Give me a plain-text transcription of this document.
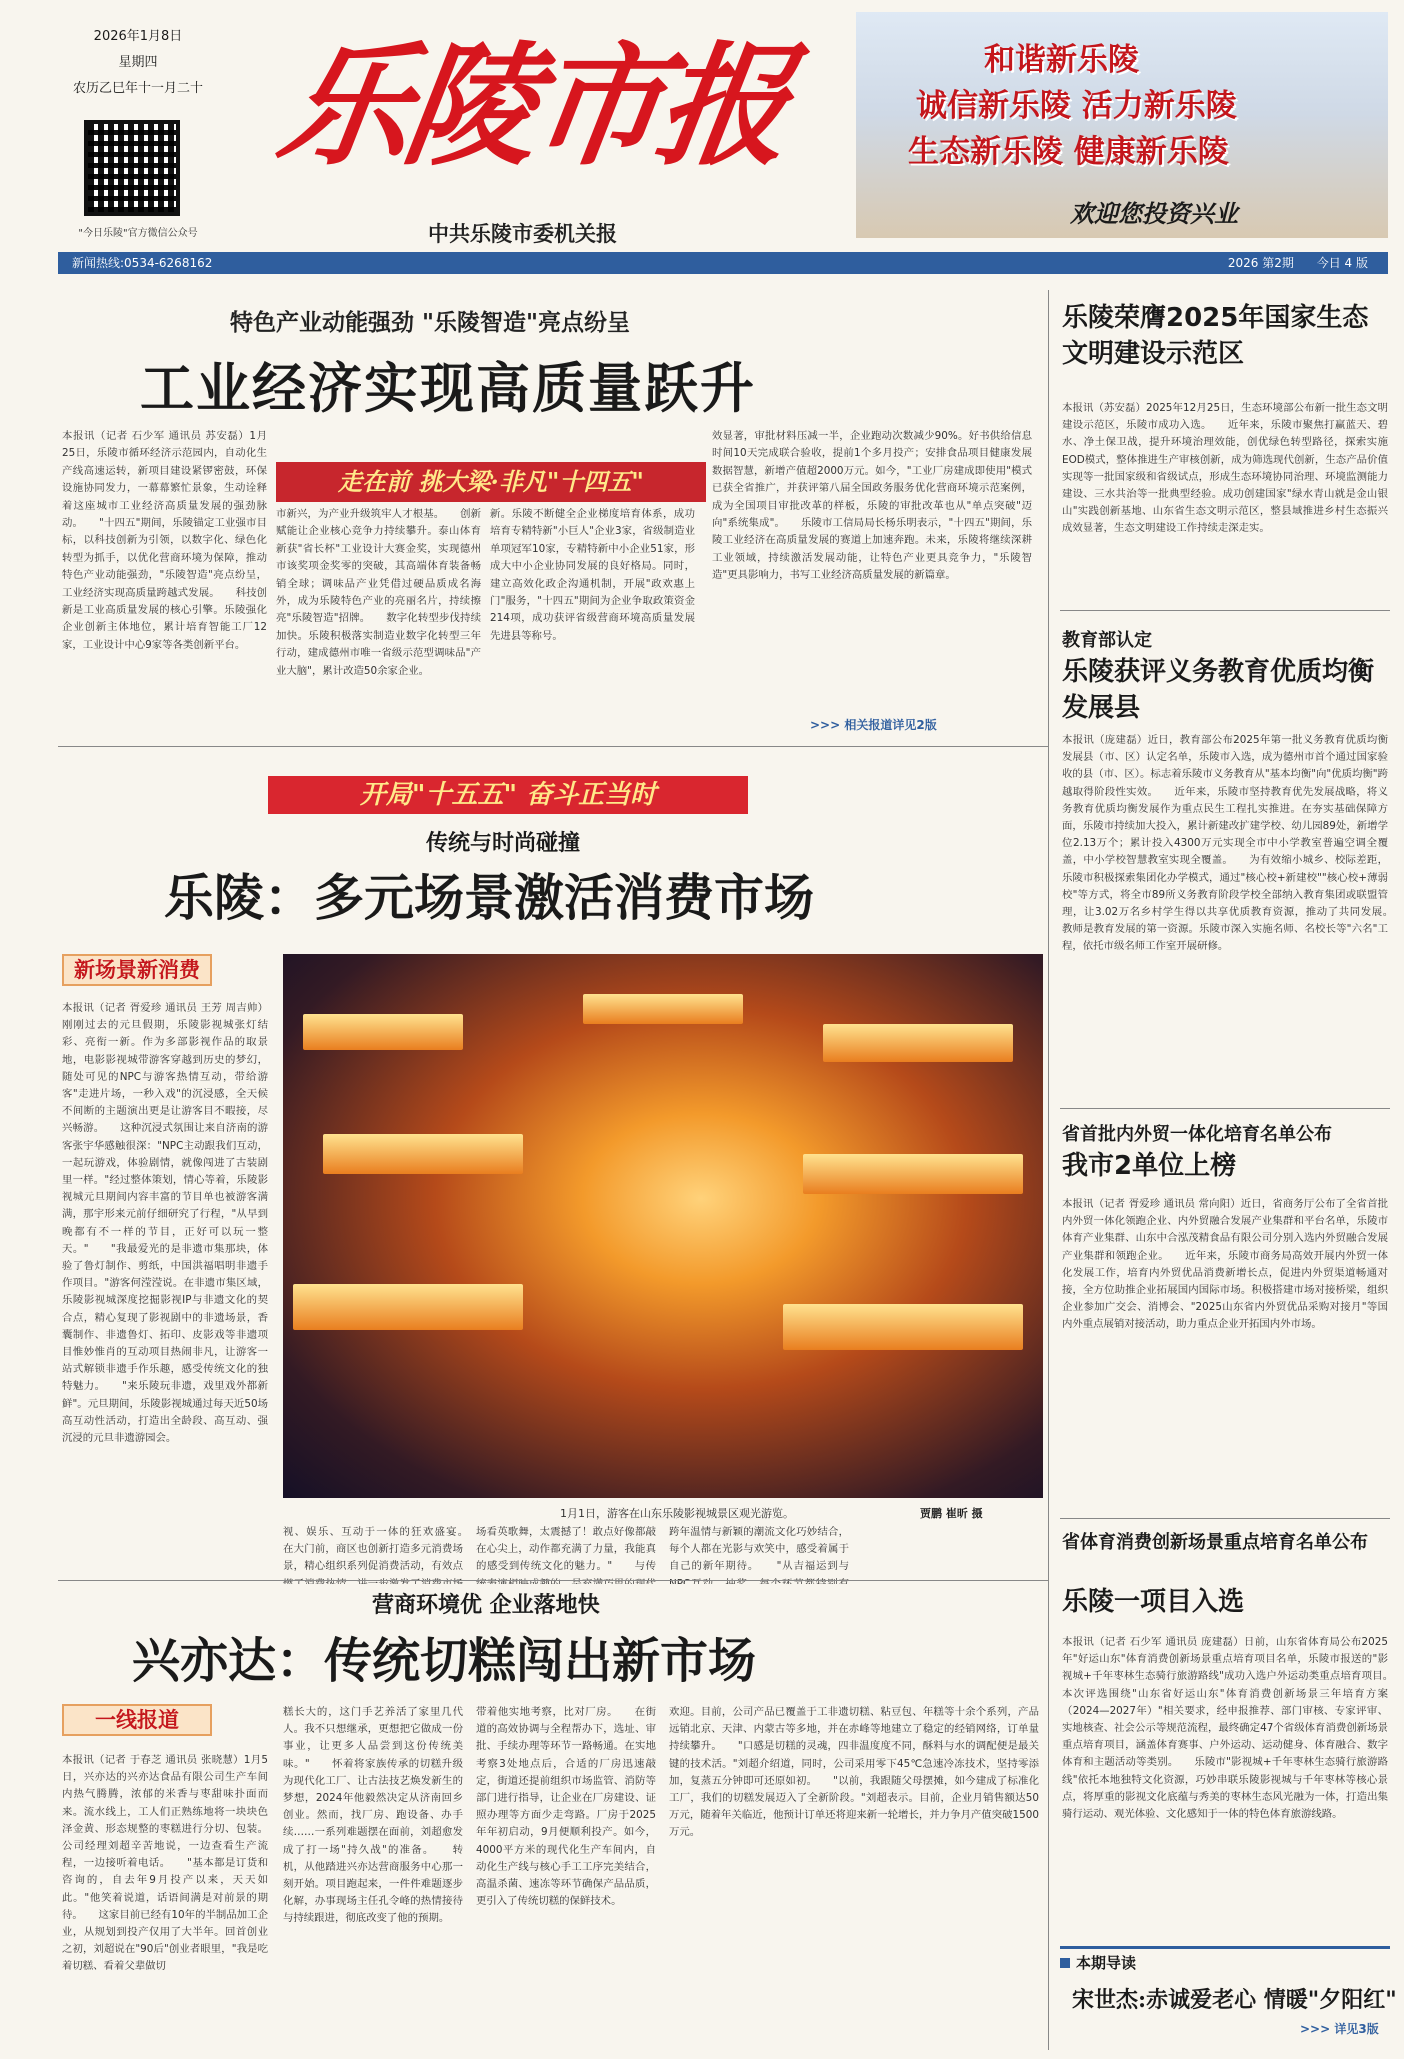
2026年1月8日
星期四
农历乙巳年十一月二十
"今日乐陵"官方微信公众号
乐陵市报
中共乐陵市委机关报
和谐新乐陵
诚信新乐陵 活力新乐陵
生态新乐陵 健康新乐陵
欢迎您投资兴业
新闻热线:0534-6268162	2026 第2期 今日 4 版
特色产业动能强劲 "乐陵智造"亮点纷呈
工业经济实现高质量跃升
本报讯（记者 石少军 通讯员 苏安磊）1月25日，乐陵市循环经济示范园内，自动化生产线高速运转，新项目建设紧锣密鼓，环保设施协同发力，一幕幕繁忙景象，生动诠释着这座城市工业经济高质量发展的强劲脉动。　　"十四五"期间，乐陵锚定工业强市目标，以科技创新为引领，以数字化、绿色化转型为抓手，以优化营商环境为保障，推动特色产业动能强劲，"乐陵智造"亮点纷呈，工业经济实现高质量跨越式发展。　　科技创新是工业高质量发展的核心引擎。乐陵强化企业创新主体地位，累计培育智能工厂12家，工业设计中心9家等各类创新平台。
市新兴，为产业升级筑牢人才根基。　　创新赋能让企业核心竞争力持续攀升。泰山体育新获"省长杯"工业设计大赛金奖，实现德州市该奖项金奖零的突破，其高端体育装备畅销全球；调味品产业凭借过硬品质成名海外，成为乐陵特色产业的亮丽名片，持续擦亮"乐陵智造"招牌。　　数字化转型步伐持续加快。乐陵积极落实制造业数字化转型三年行动，建成德州市唯一省级示范型调味品"产业大脑"，累计改造50余家企业。
新。乐陵不断健全企业梯度培育体系，成功培育专精特新"小巨人"企业3家，省级制造业单项冠军10家，专精特新中小企业51家，形成大中小企业协同发展的良好格局。同时，建立高效化政企沟通机制，开展"政欢惠上门"服务，"十四五"期间为企业争取政策资金214项，成功获评省级营商环境高质量发展先进县等称号。
效显著，审批材料压减一半，企业跑动次数减少90%。好书供给信息时间10天完成联合验收，提前1个多月投产；安排食品项目健康发展数据智慧，新增产值超2000万元。如今，"工业厂房建成即使用"模式已获全省推广，并获评第八届全国政务服务优化营商环境示范案例，成为全国项目审批改革的样板，乐陵的审批改革也从"单点突破"迈向"系统集成"。　　乐陵市工信局局长杨乐明表示，"十四五"期间，乐陵工业经济在高质量发展的赛道上加速奔跑。未来，乐陵将继续深耕工业领域，持续激活发展动能，让特色产业更具竞争力，"乐陵智造"更具影响力，书写工业经济高质量发展的新篇章。
走在前 挑大梁·非凡"十四五"
>>> 相关报道详见2版
开局"十五五" 奋斗正当时
传统与时尚碰撞
乐陵：多元场景激活消费市场
新场景新消费
本报讯（记者 胥爱珍 通讯员 王芳 周吉帅）刚刚过去的元旦假期，乐陵影视城张灯结彩、亮衔一新。作为多部影视作品的取景地，电影影视城带游客穿越到历史的梦幻，随处可见的NPC与游客热情互动，带给游客"走进片场，一秒入戏"的沉浸感，全天候不间断的主题演出更是让游客目不暇接，尽兴畅游。　　这种沉浸式氛围让来自济南的游客张宇华感触很深："NPC主动跟我们互动，一起玩游戏，体验剧情，就像闯进了古装剧里一样。"经过整体策划，情心等着，乐陵影视城元旦期间内容丰富的节目单也被游客满满，那宇形来元前仔细研究了行程，"从早到晚都有不一样的节目，正好可以玩一整天。"　　"我最爱光的是非遗市集那块，体验了鲁灯制作、剪纸，中国洪福唱明非遗手作项目。"游客何滢滢说。在非遗市集区域，乐陵影视城深度挖掘影视IP与非遗文化的契合点，精心复现了影视剧中的非遗场景，香囊制作、非遗鲁灯、拓印、皮影戏等非遗项目惟妙惟肖的互动项目热闹非凡，让游客一站式解锁非遗手作乐趣，感受传统文化的独特魅力。　　"来乐陵玩非遗，戏里戏外都新鲜"。元旦期间，乐陵影视城通过每天近50场高互动性活动，打造出全龄段、高互动、强沉浸的元旦非遗游园会。
1月1日，游客在山东乐陵影视城景区观光游览。	贾鹏 崔昕 摄
视、娱乐、互动于一体的狂欢盛宴。　　在大门前，商区也创新打造多元消费场景，精心组织系列促消费活动，有效点　　　　
场看英歌舞，太震撼了！敢点好像都敲在心尖上，动作都充满了力量，我能真的感受到传统文化的魅力。"　　与传　　
跨年温情与新颖的潮流文化巧妙结合，每个人都在光影与欢笑中，感受着属于自己的新年期待。　　"从吉福运到与　　
营商环境优 企业落地快
兴亦达：传统切糕闯出新市场
一线报道
本报讯（记者 于春芝 通讯员 张晓慧）1月5日，兴亦达的兴亦达食品有限公司生产车间内热气腾腾，浓郁的米香与枣甜味扑面而来。流水线上，工人们正熟练地将一块块色泽金黄、形态规整的枣糕进行分切、包装。公司经理刘超辛苦地说，一边查看生产流程，一边接听着电话。　　"基本都是订货和咨询的，自去年9月投产以来，天天如此。"他笑着说道，话语间满是对前景的期待。　　这家目前已经有10年的半制品加工企业，从规划到投产仅用了大半年。回首创业之初，刘超说在"90后"创业者眼里，"我是吃着切糕、看着父辈做切
糕长大的，这门手艺养活了家里几代人。我不只想继承，更想把它做成一份事业，让更多人品尝到这份传统美味。"　　怀着将家族传承的切糕升级为现代化工厂、让古法技艺焕发新生的梦想，2024年他毅然决定从济南回乡创业。然而，找厂房、跑设备、办手续……一系列难题摆在面前，刘超愈发成了打一场"持久战"的准备。　　转机，从他踏进兴亦达营商服务中心那一刻开始。项目跑起来，一件件难题逐步化解，办事现场主任孔令峰的热情接待与持续跟进，彻底改变了他的预期。
带着他实地考察，比对厂房。　　在街道的高效协调与全程帮办下，选址、审批、手续办理等环节一路畅通。在实地考察3处地点后，合适的厂房迅速敲定，街道还提前组织市场监管、消防等部门进行指导，让企业在厂房建设、证照办理等方面少走弯路。厂房于2025年年初启动，9月便顺利投产。如今，4000平方米的现代化生产车间内，自动化生产线与核心手工工序完美结合，高温杀菌、速冻等环节确保产品品质，更引入了传统切糕的保鲜技术。
欢迎。目前，公司产品已覆盖于工非遗切糕、粘豆包、年糕等十余个系列，产品远销北京、天津、内蒙古等多地，并在赤峰等地建立了稳定的经销网络，订单量持续攀升。　　"口感是切糕的灵魂，四非温度度不同，酥料与水的调配便是最关键的技术活。"刘超介绍道，同时，公司采用零下45℃急速冷冻技术，坚持零添加，复蒸五分钟即可还原如初。　　"以前，我跟随父母摆摊，如今建成了标准化工厂，我们的切糕发展迈入了全新阶段。"刘超表示。目前，企业月销售额达50万元，随着年关临近，他预计订单还将迎来新一轮增长，并力争月产值突破1500万元。
乐陵荣膺2025年国家生态文明建设示范区
本报讯（苏安磊）2025年12月25日，生态环境部公布新一批生态文明建设示范区，乐陵市成功入选。　　近年来，乐陵市聚焦打赢蓝天、碧水、净土保卫战，提升环境治理效能，创优绿色转型路径，探索实施EOD模式，整体推进生产审核创新，成为筛选现代创新，生态产品价值实现等一批国家级和省级试点，形成生态环境协同治理、环境监测能力建设、三水共治等一批典型经验。成功创建国家"绿水青山就是金山银山"实践创新基地、山东省生态文明示范区，整县域推进乡村生态振兴成效显著，生态文明建设工作持续走深走实。
教育部认定
乐陵获评义务教育优质均衡发展县
本报讯（庞建磊）近日，教育部公布2025年第一批义务教育优质均衡发展县（市、区）认定名单，乐陵市入选，成为德州市首个通过国家验收的县（市、区）。标志着乐陵市义务教育从"基本均衡"向"优质均衡"跨越取得阶段性实效。　　近年来，乐陵市坚持教育优先发展战略，将义务教育优质均衡发展作为重点民生工程扎实推进。在夯实基础保障方面，乐陵市持续加大投入，累计新建改扩建学校、幼儿园89处，新增学位2.13万个；累计投入4300万元实现全市中小学教室普遍空调全覆盖，中小学校智慧教室实现全覆盖。　　为有效缩小城乡、校际差距，乐陵市积极探索集团化办学模式，通过"核心校+新建校""核心校+薄弱校"等方式，将全市89所义务教育阶段学校全部纳入教育集团或联盟管理，让3.02万名乡村学生得以共享优质教育资源，推动了共同发展。　　教师是教育发展的第一资源。乐陵市深入实施名师、名校长等"六名"工程，依托市级名师工作室开展研修。
省首批内外贸一体化培育名单公布
我市2单位上榜
本报讯（记者 胥爱珍 通讯员 常向阳）近日，省商务厅公布了全省首批内外贸一体化领跑企业、内外贸融合发展产业集群和平台名单，乐陵市体育产业集群、山东中合泓茂精食品有限公司分别入选内外贸融合发展产业集群和领跑企业。　　近年来，乐陵市商务局高效开展内外贸一体化发展工作，培育内外贸优品消费新增长点，促进内外贸渠道畅通对接，全方位助推企业拓展国内国际市场。积极搭建市场对接桥梁，组织企业参加广交会、消博会、"2025山东省内外贸优品采购对接月"等国内外重点展销对接活动，助力重点企业开拓国内外市场。
省体育消费创新场景重点培育名单公布
乐陵一项目入选
本报讯（记者 石少军 通讯员 庞建磊）日前，山东省体育局公布2025年"好运山东"体育消费创新场景重点培育项目名单，乐陵市报送的"影视城+千年枣林生态骑行旅游路线"成功入选户外运动类重点培育项目。　　本次评选围绕"山东省好运山东"体育消费创新场景三年培育方案（2024—2027年）"相关要求，经申报推荐、部门审核、专家评审、实地核查、社会公示等规范流程，最终确定47个省级体育消费创新场景重点培育项目，涵盖体育赛事、户外运动、运动健身、体育融合、数字体育和主题活动等类别。　　乐陵市"影视城+千年枣林生态骑行旅游路线"依托本地独特文化资源，巧妙串联乐陵影视城与千年枣林等核心景点，将厚重的影视文化底蕴与秀美的枣林生态风光融为一体，打造出集骑行运动、观光体验、文化感知于一体的特色体育旅游线路。
本期导读
宋世杰:赤诚爱老心 情暖"夕阳红"
>>> 详见3版
